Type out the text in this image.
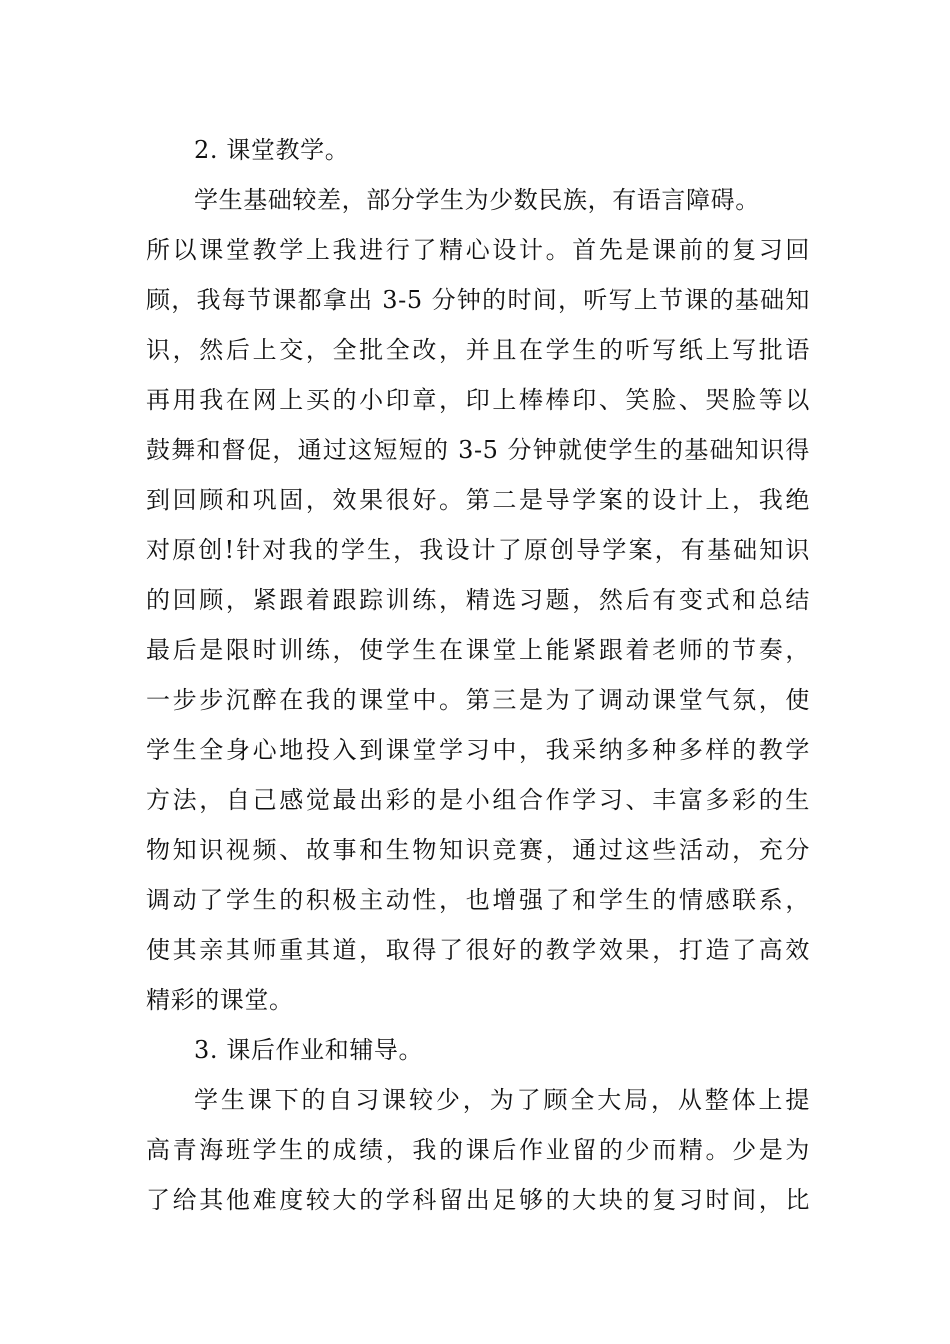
2. 课堂教学。
学生基础较差，部分学生为少数民族，有语言障碍。
所以课堂教学上我进行了精心设计。首先是课前的复习回
顾，我每节课都拿出 3-5 分钟的时间，听写上节课的基础知
识，然后上交，全批全改，并且在学生的听写纸上写批语
再用我在网上买的小印章，印上棒棒印、笑脸、哭脸等以
鼓舞和督促，通过这短短的 3-5 分钟就使学生的基础知识得
到回顾和巩固，效果很好。第二是导学案的设计上，我绝
对原创!针对我的学生，我设计了原创导学案，有基础知识
的回顾，紧跟着跟踪训练，精选习题，然后有变式和总结
最后是限时训练，使学生在课堂上能紧跟着老师的节奏，
一步步沉醉在我的课堂中。第三是为了调动课堂气氛，使
学生全身心地投入到课堂学习中，我采纳多种多样的教学
方法，自己感觉最出彩的是小组合作学习、丰富多彩的生
物知识视频、故事和生物知识竞赛，通过这些活动，充分
调动了学生的积极主动性，也增强了和学生的情感联系，
使其亲其师重其道，取得了很好的教学效果，打造了高效
精彩的课堂。
3. 课后作业和辅导。
学生课下的自习课较少，为了顾全大局，从整体上提
高青海班学生的成绩，我的课后作业留的少而精。少是为
了给其他难度较大的学科留出足够的大块的复习时间，比
